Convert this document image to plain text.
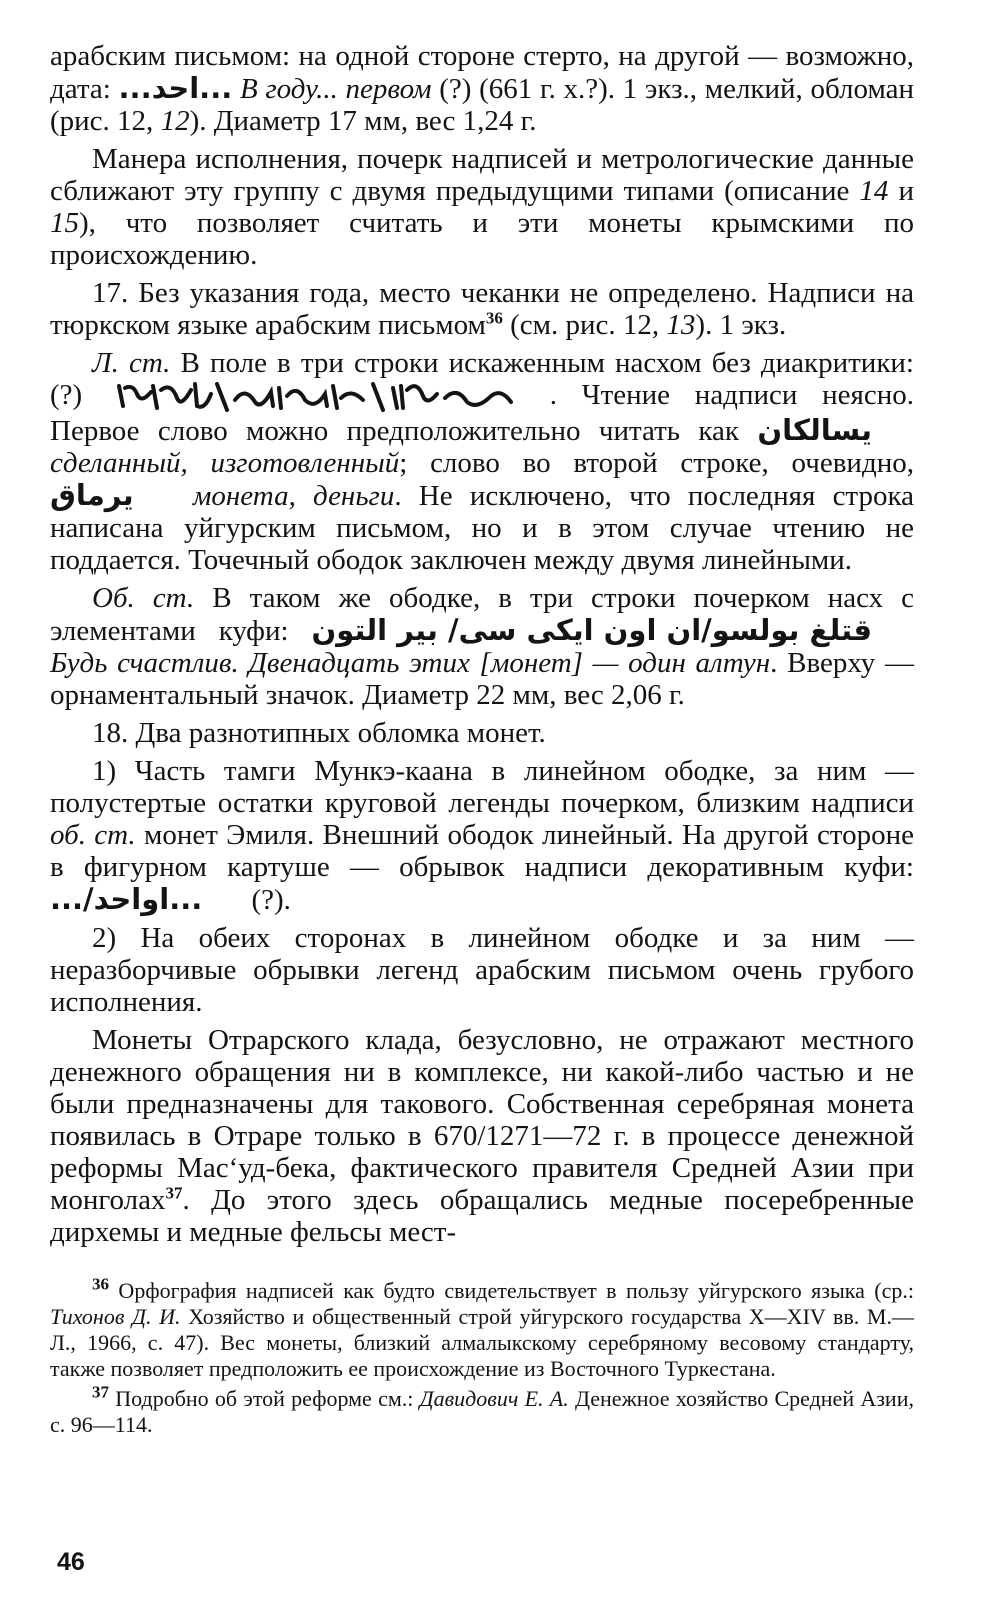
арабским письмом: на одной стороне стерто, на другой — возможно, дата: ...احد... В году... первом (?) (661 г. х.?). 1 экз., мелкий, обломан (рис. 12, 12). Диаметр 17 мм, вес 1,24 г.

Манера исполнения, почерк надписей и метрологические данные сближают эту группу с двумя предыдущими типами (описание 14 и 15), что позволяет считать и эти монеты крымскими по происхождению.

17. Без указания года, место чеканки не определено. Надписи на тюркском языке арабским письмом$^{36}$ (см. рис. 12, 13). 1 экз.

Л. ст. В поле в три строки искаженным насхом без диакритики: (?)	. Чтение надписи неясно. Первое слово можно предположительно читать как يسالكان сделанный, изготовленный; слово во второй строке, очевидно, يرماق монета, деньги. Не исключено, что последняя строка написана уйгурским письмом, но и в этом случае чтению не поддается. Точечный ободок заключен между двумя линейными.

Об. ст. В таком же ободке, в три строки почерком насх с элементами куфи: قتلغ بولسو/ان اون ايكى سى/ بير التون Будь счастлив. Двенадцать этих [монет] — один алтун. Вверху — орнаментальный значок. Диаметр 22 мм, вес 2,06 г.

18. Два разнотипных обломка монет.

1) Часть тамги Мункэ-каана в линейном ободке, за ним — полустертые остатки круговой легенды почерком, близким надписи об. ст. монет Эмиля. Внешний ободок линейный. На другой стороне в фигурном картуше — обрывок надписи декоративным куфи: ...اواحد/... (?).

2) На обеих сторонах в линейном ободке и за ним — неразборчивые обрывки легенд арабским письмом очень грубого исполнения.

Монеты Отрарского клада, безусловно, не отражают местного денежного обращения ни в комплексе, ни какой-либо частью и не были предназначены для такового. Собственная серебряная монета появилась в Отраре только в 670/1271—72 г. в процессе денежной реформы Мас‘уд-бека, фактического правителя Средней Азии при монголах$^{37}$. До этого здесь обращались медные посеребренные дирхемы и медные фельсы мест-

$^{36}$ Орфография надписей как будто свидетельствует в пользу уйгурского языка (ср.: Тихонов Д. И. Хозяйство и общественный строй уйгурского государства X—XIV вв. М.—Л., 1966, с. 47). Вес монеты, близкий алмалыкскому серебряному весовому стандарту, также позволяет предположить ее происхождение из Восточного Туркестана.

$^{37}$ Подробно об этой реформе см.: Давидович Е. А. Денежное хозяйство Средней Азии, с. 96—114.

46
